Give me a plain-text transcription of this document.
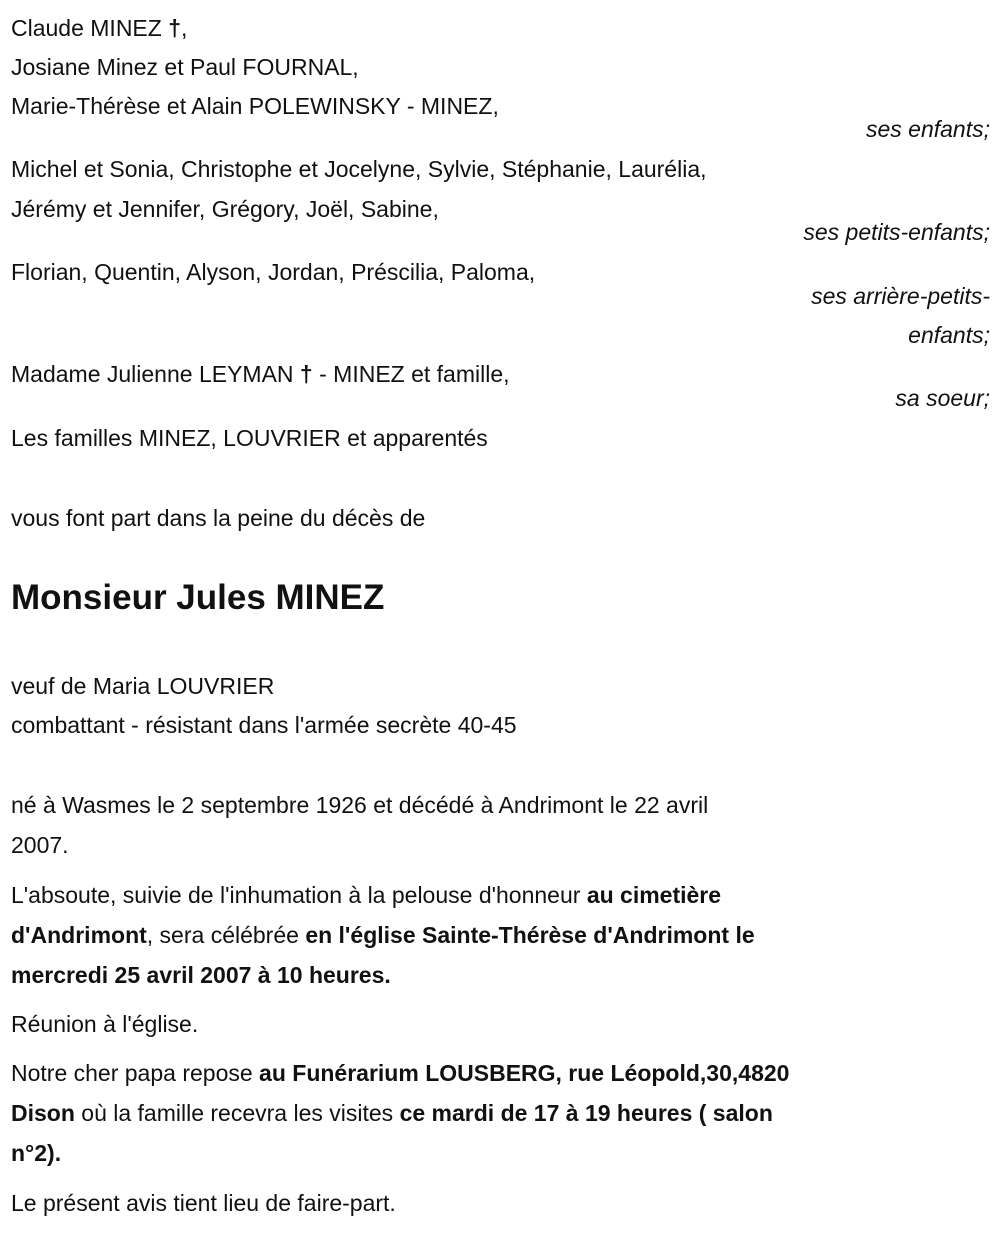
Claude MINEZ †,
Josiane Minez et Paul FOURNAL,
Marie-Thérèse et Alain POLEWINSKY - MINEZ,
ses enfants;
Michel et Sonia, Christophe et Jocelyne, Sylvie, Stéphanie, Laurélia,
Jérémy et Jennifer, Grégory, Joël, Sabine,
ses petits-enfants;
Florian, Quentin, Alyson, Jordan, Préscilia, Paloma,
ses arrière-petits-
enfants;
Madame Julienne LEYMAN † - MINEZ et famille,
sa soeur;
Les familles MINEZ, LOUVRIER et apparentés
vous font part dans la peine du décès de
Monsieur Jules MINEZ
veuf de Maria LOUVRIER
combattant - résistant dans l'armée secrète 40-45
né à Wasmes le 2 septembre 1926 et décédé à Andrimont le 22 avril
2007.
L'absoute, suivie de l'inhumation à la pelouse d'honneur au cimetière
d'Andrimont, sera célébrée en l'église Sainte-Thérèse d'Andrimont le
mercredi 25 avril 2007 à 10 heures.
Réunion à l'église.
Notre cher papa repose au Funérarium LOUSBERG, rue Léopold,30,4820
Dison où la famille recevra les visites ce mardi de 17 à 19 heures ( salon
n°2).
Le présent avis tient lieu de faire-part.
